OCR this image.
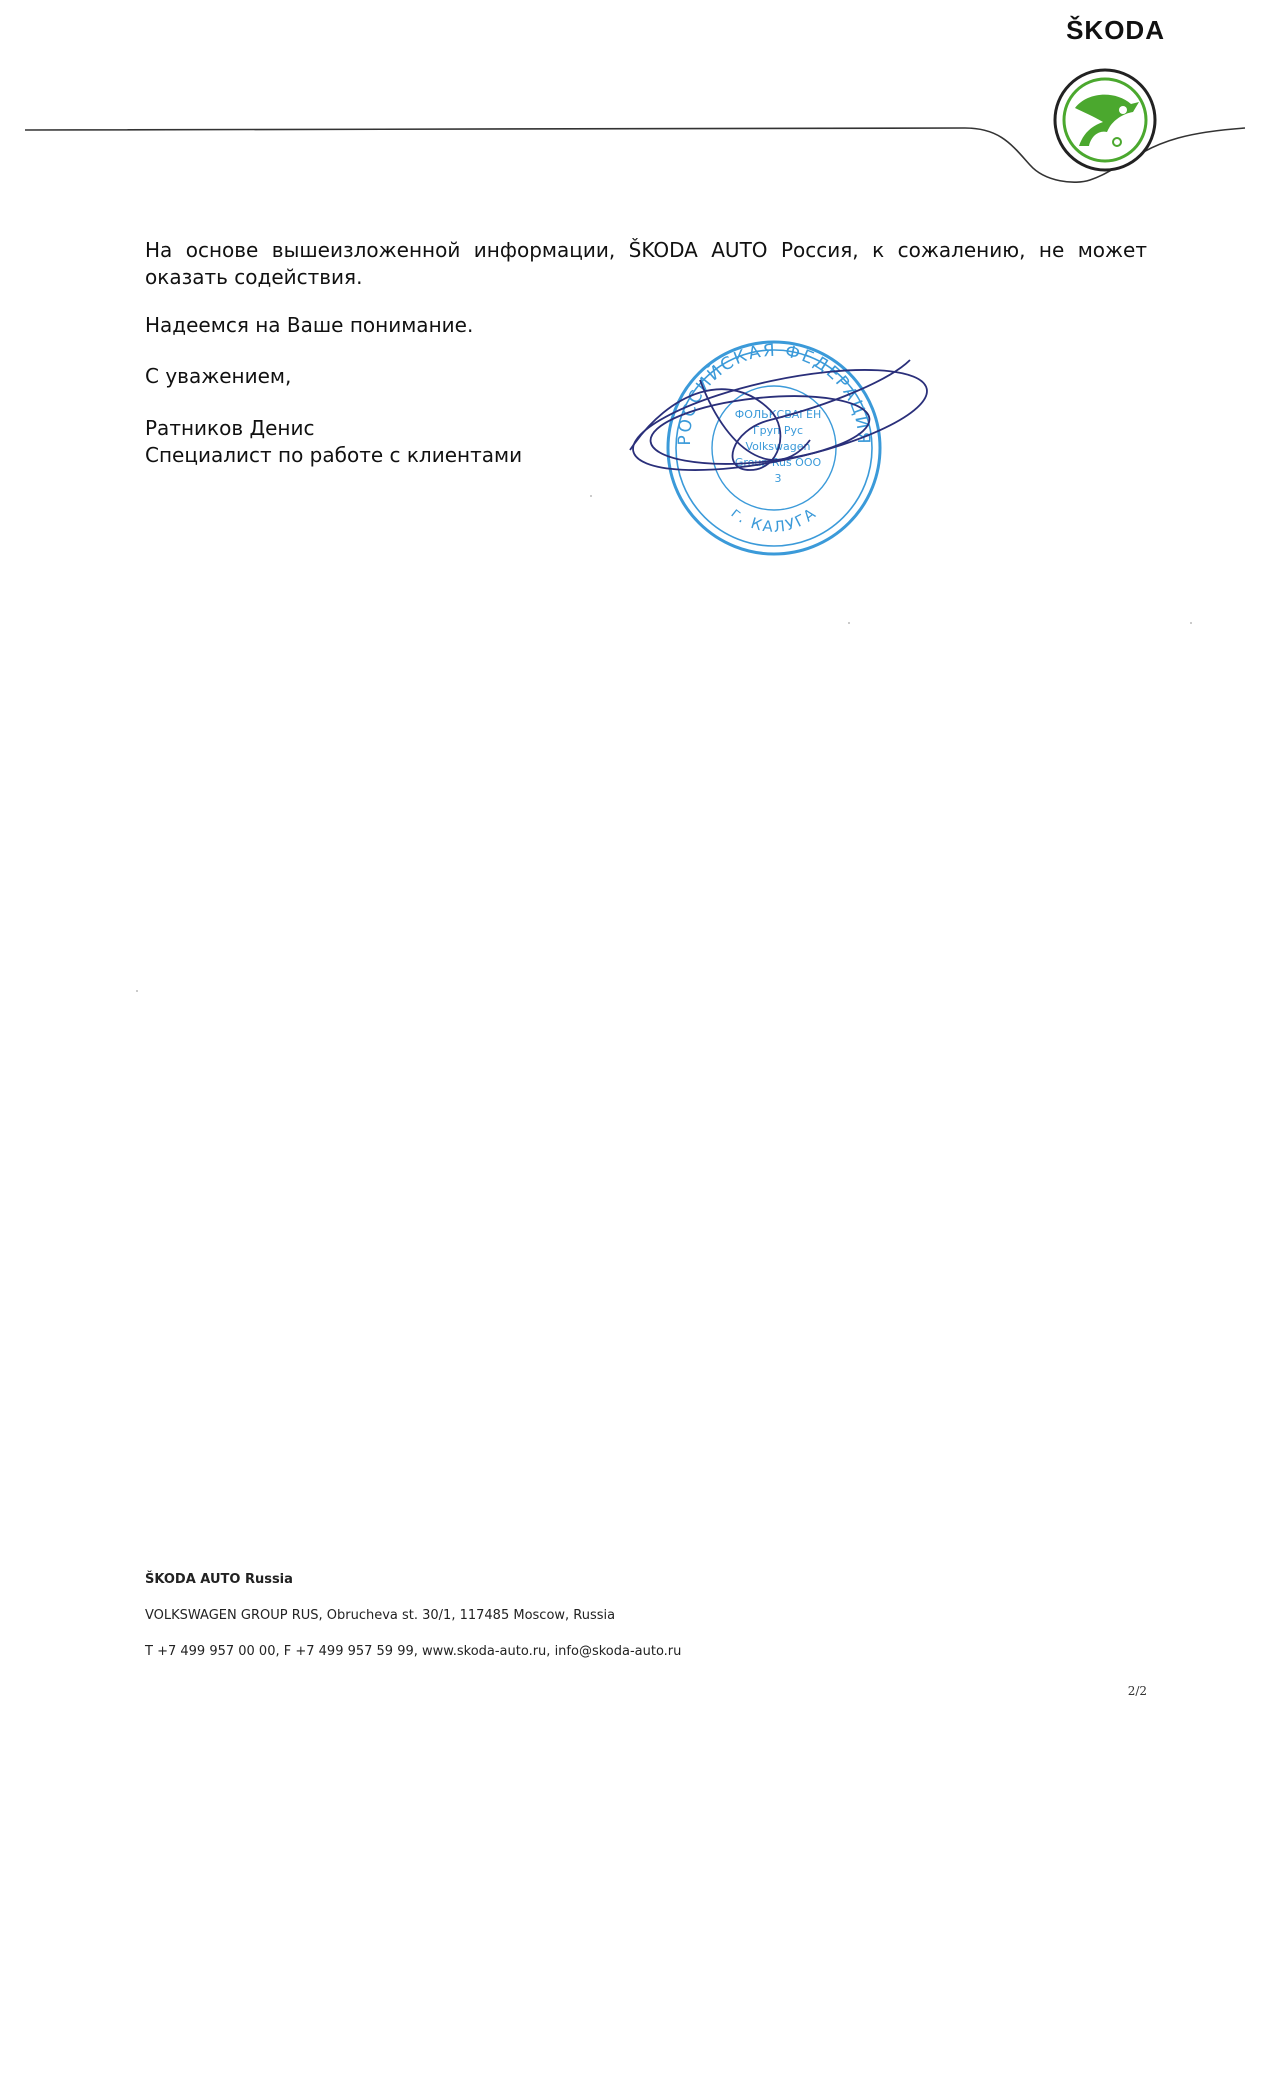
ŠKODA
На основе вышеизложенной информации, ŠKODA AUTO Россия, к сожалению, не может оказать содействия.
Надеемся на Ваше понимание.
С уважением,
Ратников Денис
Специалист по работе с клиентами
РОССИЙСКАЯ ФЕДЕРАЦИЯ
г. КАЛУГА
ФОЛЬКСВАГЕН
Груп Рус
Volkswagen
Group Rus OOO
3
ŠKODA AUTO Russia
VOLKSWAGEN GROUP RUS, Obrucheva st. 30/1, 117485 Moscow, Russia
T +7 499 957 00 00, F +7 499 957 59 99, www.skoda-auto.ru, info@skoda-auto.ru
2/2
